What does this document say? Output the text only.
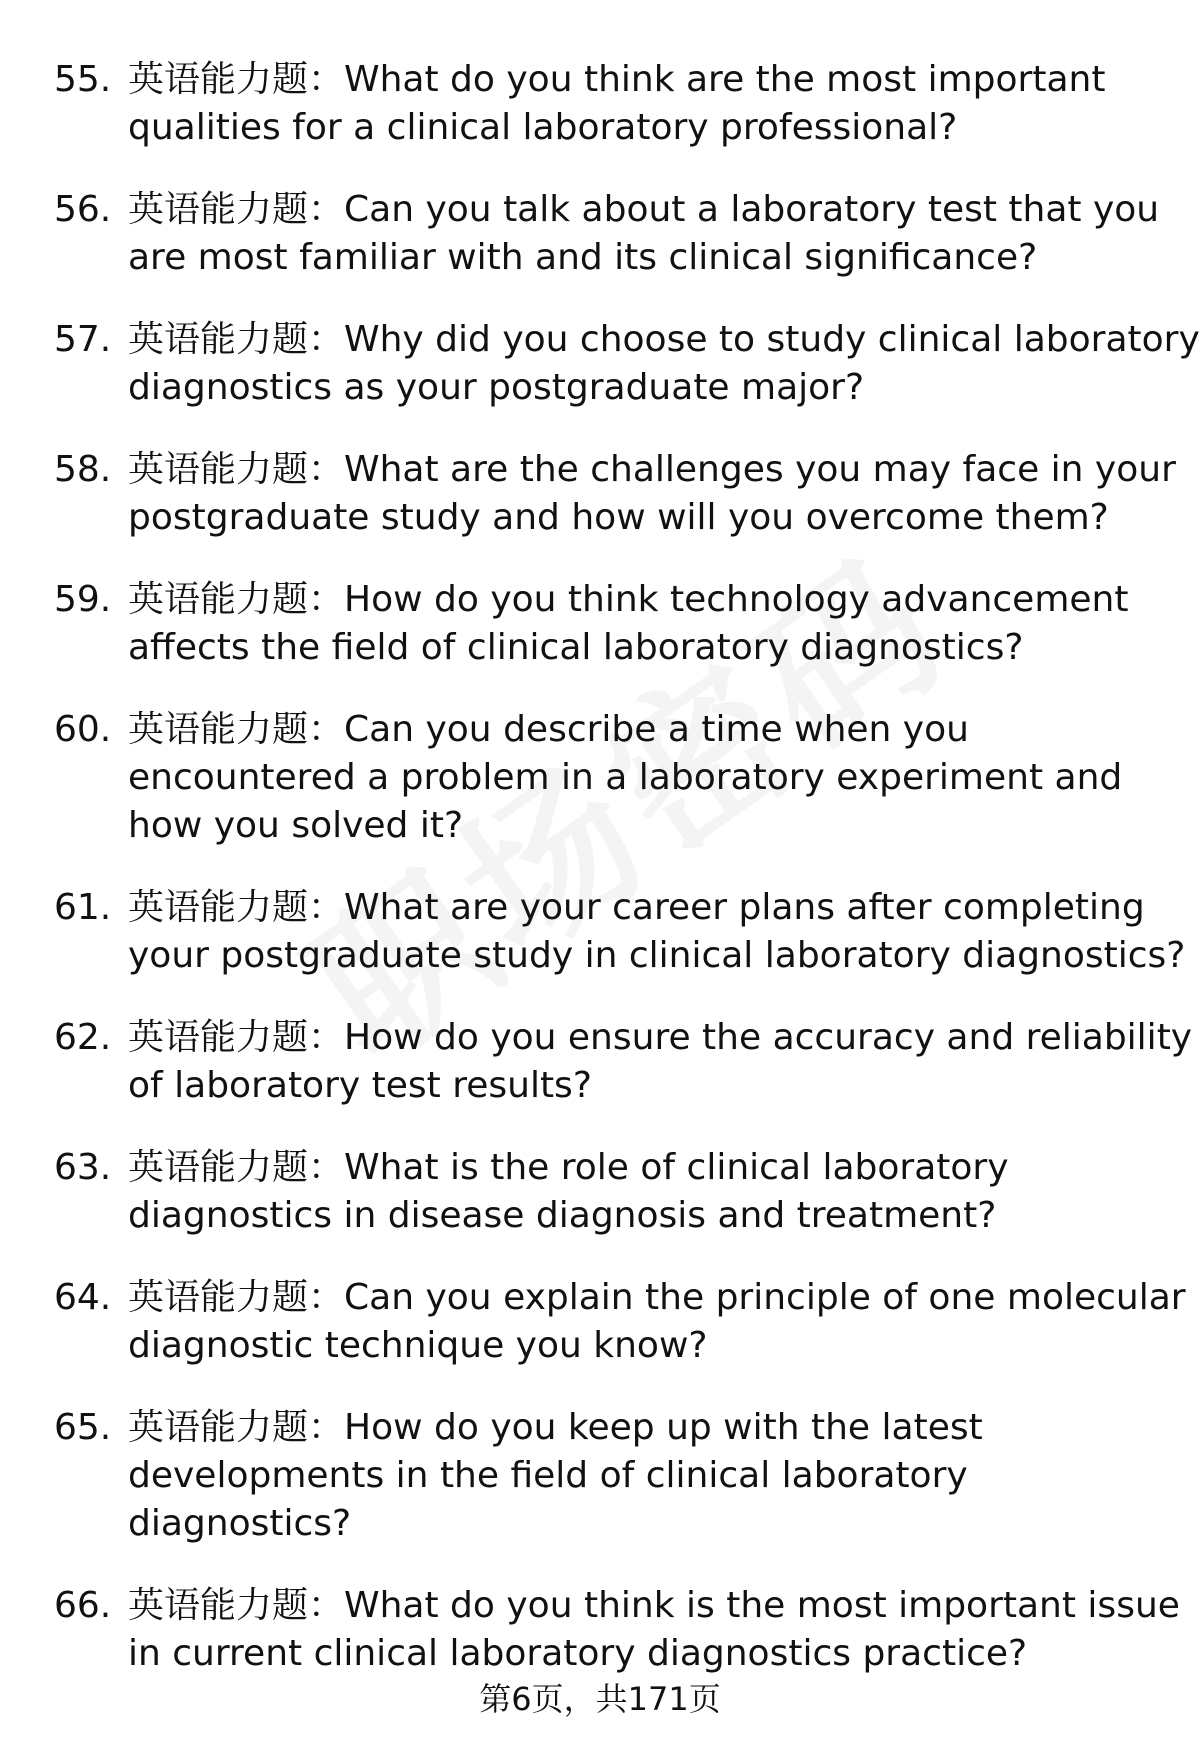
55. 英语能力题：What do you think are the most important qualities for a clinical laboratory professional?
56. 英语能力题：Can you talk about a laboratory test that you are most familiar with and its clinical significance?
57. 英语能力题：Why did you choose to study clinical laboratory diagnostics as your postgraduate major?
58. 英语能力题：What are the challenges you may face in your postgraduate study and how will you overcome them?
59. 英语能力题：How do you think technology advancement affects the field of clinical laboratory diagnostics?
60. 英语能力题：Can you describe a time when you encountered a problem in a laboratory experiment and how you solved it?
61. 英语能力题：What are your career plans after completing your postgraduate study in clinical laboratory diagnostics?
62. 英语能力题：How do you ensure the accuracy and reliability of laboratory test results?
63. 英语能力题：What is the role of clinical laboratory diagnostics in disease diagnosis and treatment?
64. 英语能力题：Can you explain the principle of one molecular diagnostic technique you know?
65. 英语能力题：How do you keep up with the latest developments in the field of clinical laboratory diagnostics?
66. 英语能力题：What do you think is the most important issue in current clinical laboratory diagnostics practice?
第6页，共171页
